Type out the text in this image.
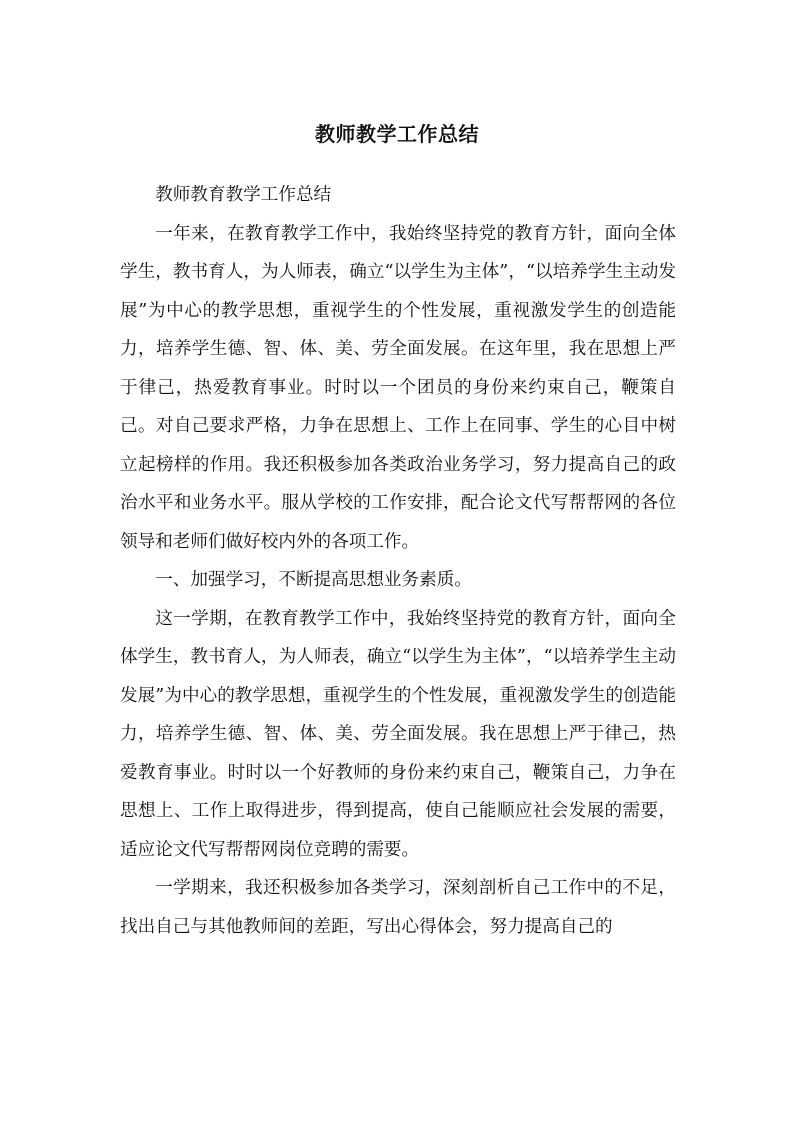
教师教学工作总结

教师教育教学工作总结

一年来，在教育教学工作中，我始终坚持党的教育方针，面向全体学生，教书育人，为人师表，确立“以学生为主体”，“以培养学生主动发展”为中心的教学思想，重视学生的个性发展，重视激发学生的创造能力，培养学生德、智、体、美、劳全面发展。在这年里，我在思想上严于律己，热爱教育事业。时时以一个团员的身份来约束自己，鞭策自己。对自己要求严格，力争在思想上、工作上在同事、学生的心目中树立起榜样的作用。我还积极参加各类政治业务学习，努力提高自己的政治水平和业务水平。服从学校的工作安排，配合论文代写帮帮网的各位领导和老师们做好校内外的各项工作。

一、加强学习，不断提高思想业务素质。

这一学期，在教育教学工作中，我始终坚持党的教育方针，面向全体学生，教书育人，为人师表，确立“以学生为主体”，“以培养学生主动发展”为中心的教学思想，重视学生的个性发展，重视激发学生的创造能力，培养学生德、智、体、美、劳全面发展。我在思想上严于律己，热爱教育事业。时时以一个好教师的身份来约束自己，鞭策自己，力争在思想上、工作上取得进步，得到提高，使自己能顺应社会发展的需要，适应论文代写帮帮网岗位竞聘的需要。

一学期来，我还积极参加各类学习，深刻剖析自己工作中的不足，找出自己与其他教师间的差距，写出心得体会，努力提高自己的
